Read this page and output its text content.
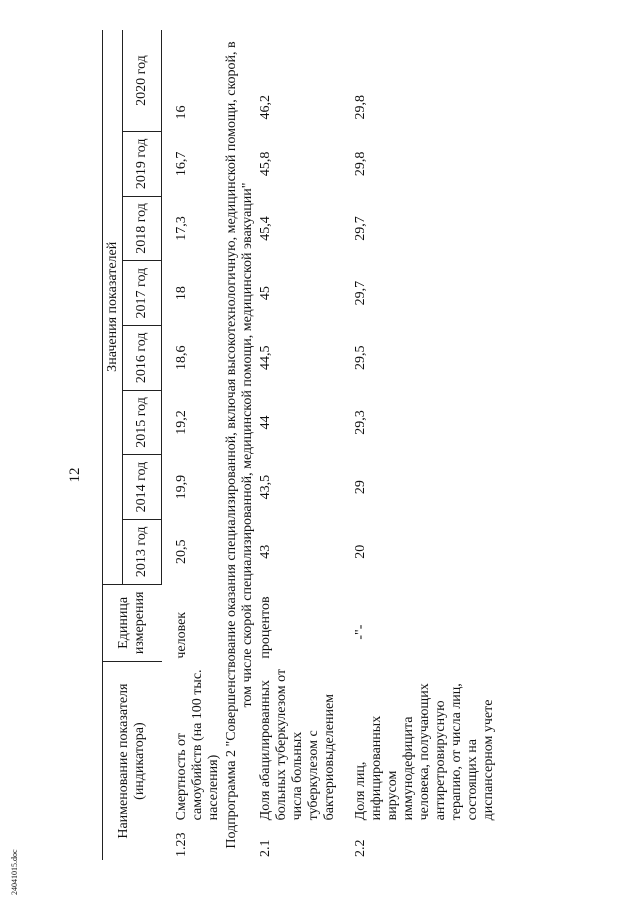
12
Наименование показателя (индикатора)		Единица измерения	Значения показателей							
			2013 год	2014 год	2015 год	2016 год	2017 год	2018 год	2019 год	2020 год
1.23	Смертность от самоубийств (на 100 тыс. населения)	человек	20,5	19,9	19,2	18,6	18	17,3	16,7	16
Подпрограмма 2 "Совершенствование оказания специализированной, включая высокотехнологичную, медицинской помощи, скорой, в том числе скорой специализированной, медицинской помощи, медицинской эвакуации"										
2.1	Доля абацилированных больных туберкулезом от числа больных туберкулезом с бактериовыделением	процентов	43	43,5	44	44,5	45	45,4	45,8	46,2
2.2	Доля лиц, инфицированных вирусом иммунодефицита человека, получающих антиретровирусную терапию, от числа лиц, состоящих на диспансерном учете	-"-	20	29	29,3	29,5	29,7	29,7	29,8	29,8
24041015.doc
